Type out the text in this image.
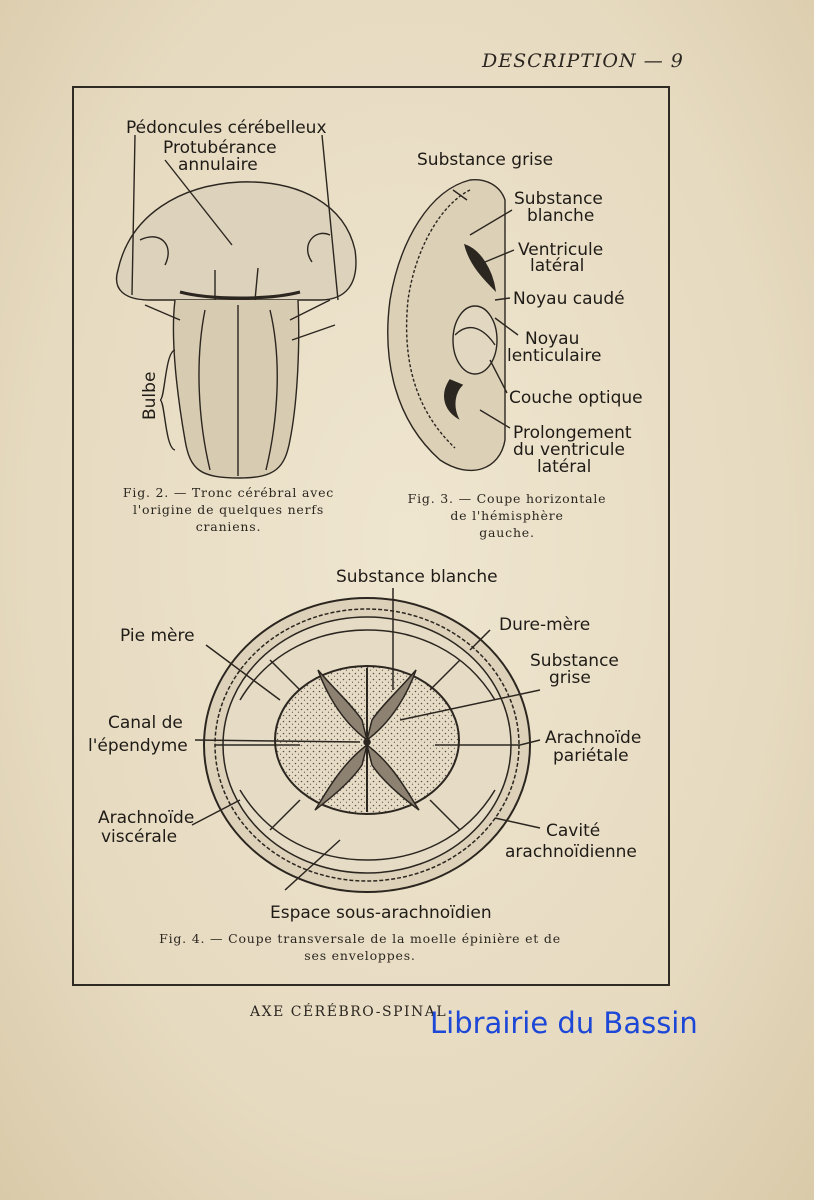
DESCRIPTION — 9
Pédoncules cérébelleux
Protubérance
annulaire
Bulbe
Substance grise
Substance
blanche
Ventricule
latéral
Noyau caudé
Noyau
lenticulaire
Couche optique
Prolongement
du ventricule
latéral
Substance blanche
Pie mère
Dure-mère
Substance
grise
Canal de
l'épendyme	Arachnoïde
pariétale
Arachnoïde
viscérale	Cavité
arachnoïdienne
Espace sous-arachnoïdien
Fig. 2. — Tronc cérébral avec
l'origine de quelques nerfs
craniens.
Fig. 3. — Coupe horizontale
de l'hémisphère
gauche.
Fig. 4. — Coupe transversale de la moelle épinière et de
ses enveloppes.
AXE CÉRÉBRO-SPINAL
Librairie du Bassin
